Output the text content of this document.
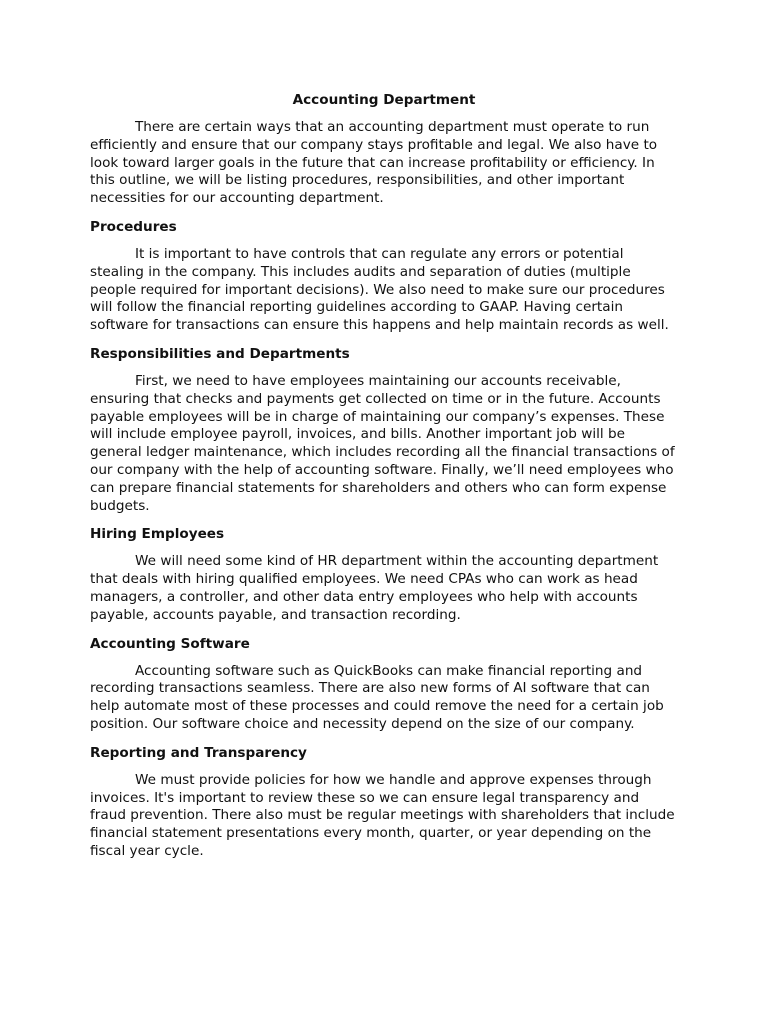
Accounting Department

There are certain ways that an accounting department must operate to run efficiently and ensure that our company stays profitable and legal. We also have to look toward larger goals in the future that can increase profitability or efficiency. In this outline, we will be listing procedures, responsibilities, and other important necessities for our accounting department.

Procedures

It is important to have controls that can regulate any errors or potential stealing in the company. This includes audits and separation of duties (multiple people required for important decisions). We also need to make sure our procedures will follow the financial reporting guidelines according to GAAP. Having certain software for transactions can ensure this happens and help maintain records as well.

Responsibilities and Departments

First, we need to have employees maintaining our accounts receivable, ensuring that checks and payments get collected on time or in the future. Accounts payable employees will be in charge of maintaining our company’s expenses. These will include employee payroll, invoices, and bills. Another important job will be general ledger maintenance, which includes recording all the financial transactions of our company with the help of accounting software. Finally, we’ll need employees who can prepare financial statements for shareholders and others who can form expense budgets.

Hiring Employees

We will need some kind of HR department within the accounting department that deals with hiring qualified employees. We need CPAs who can work as head managers, a controller, and other data entry employees who help with accounts payable, accounts payable, and transaction recording.

Accounting Software

Accounting software such as QuickBooks can make financial reporting and recording transactions seamless. There are also new forms of AI software that can help automate most of these processes and could remove the need for a certain job position. Our software choice and necessity depend on the size of our company.

Reporting and Transparency

We must provide policies for how we handle and approve expenses through invoices. It's important to review these so we can ensure legal transparency and fraud prevention. There also must be regular meetings with shareholders that include financial statement presentations every month, quarter, or year depending on the fiscal year cycle.
